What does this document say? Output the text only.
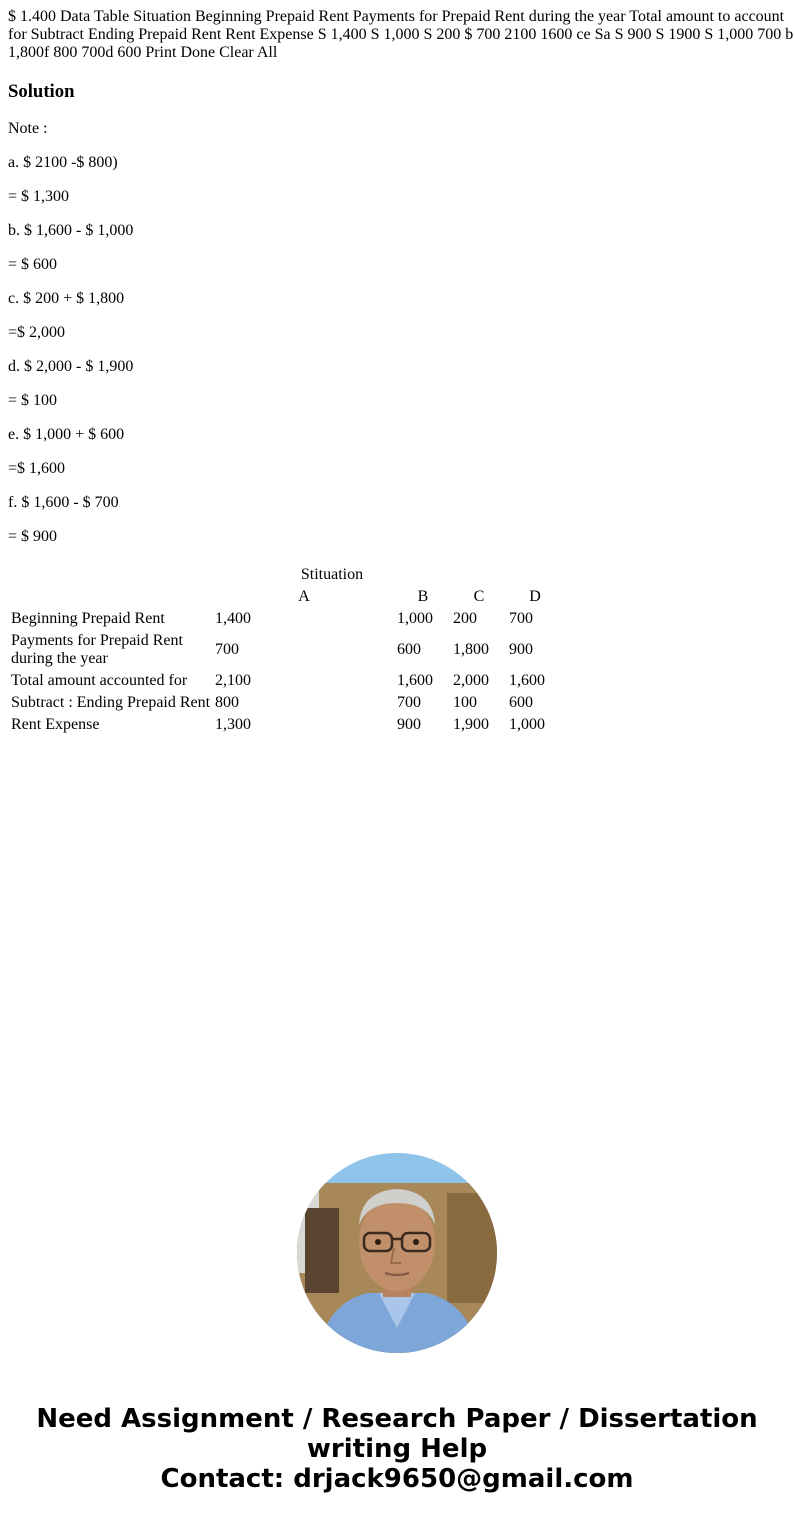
$ 1.400 Data Table Situation Beginning Prepaid Rent Payments for Prepaid Rent during the year Total amount to account for Subtract Ending Prepaid Rent Rent Expense S 1,400 S 1,000 S 200 $ 700 2100 1600 ce Sa S 900 S 1900 S 1,000 700 b 1,800f 800 700d 600 Print Done Clear All
Solution
Note :
a. $ 2100 -$ 800)
= $ 1,300
b. $ 1,600 - $ 1,000
= $ 600
c. $ 200 + $ 1,800
=$ 2,000
d. $ 2,000 - $ 1,900
= $ 100
e. $ 1,000 + $ 600
=$ 1,600
f. $ 1,600 - $ 700
= $ 900
	Stituation			
	A	B	C	D
Beginning Prepaid Rent	1,400	1,000	200	700
Payments for Prepaid Rent during the year	700	600	1,800	900
Total amount accounted for	2,100	1,600	2,000	1,600
Subtract : Ending Prepaid Rent	800	700	100	600
Rent Expense	1,300	900	1,900	1,000
Need Assignment / Research Paper / Dissertation
writing Help
Contact: drjack9650@gmail.com
